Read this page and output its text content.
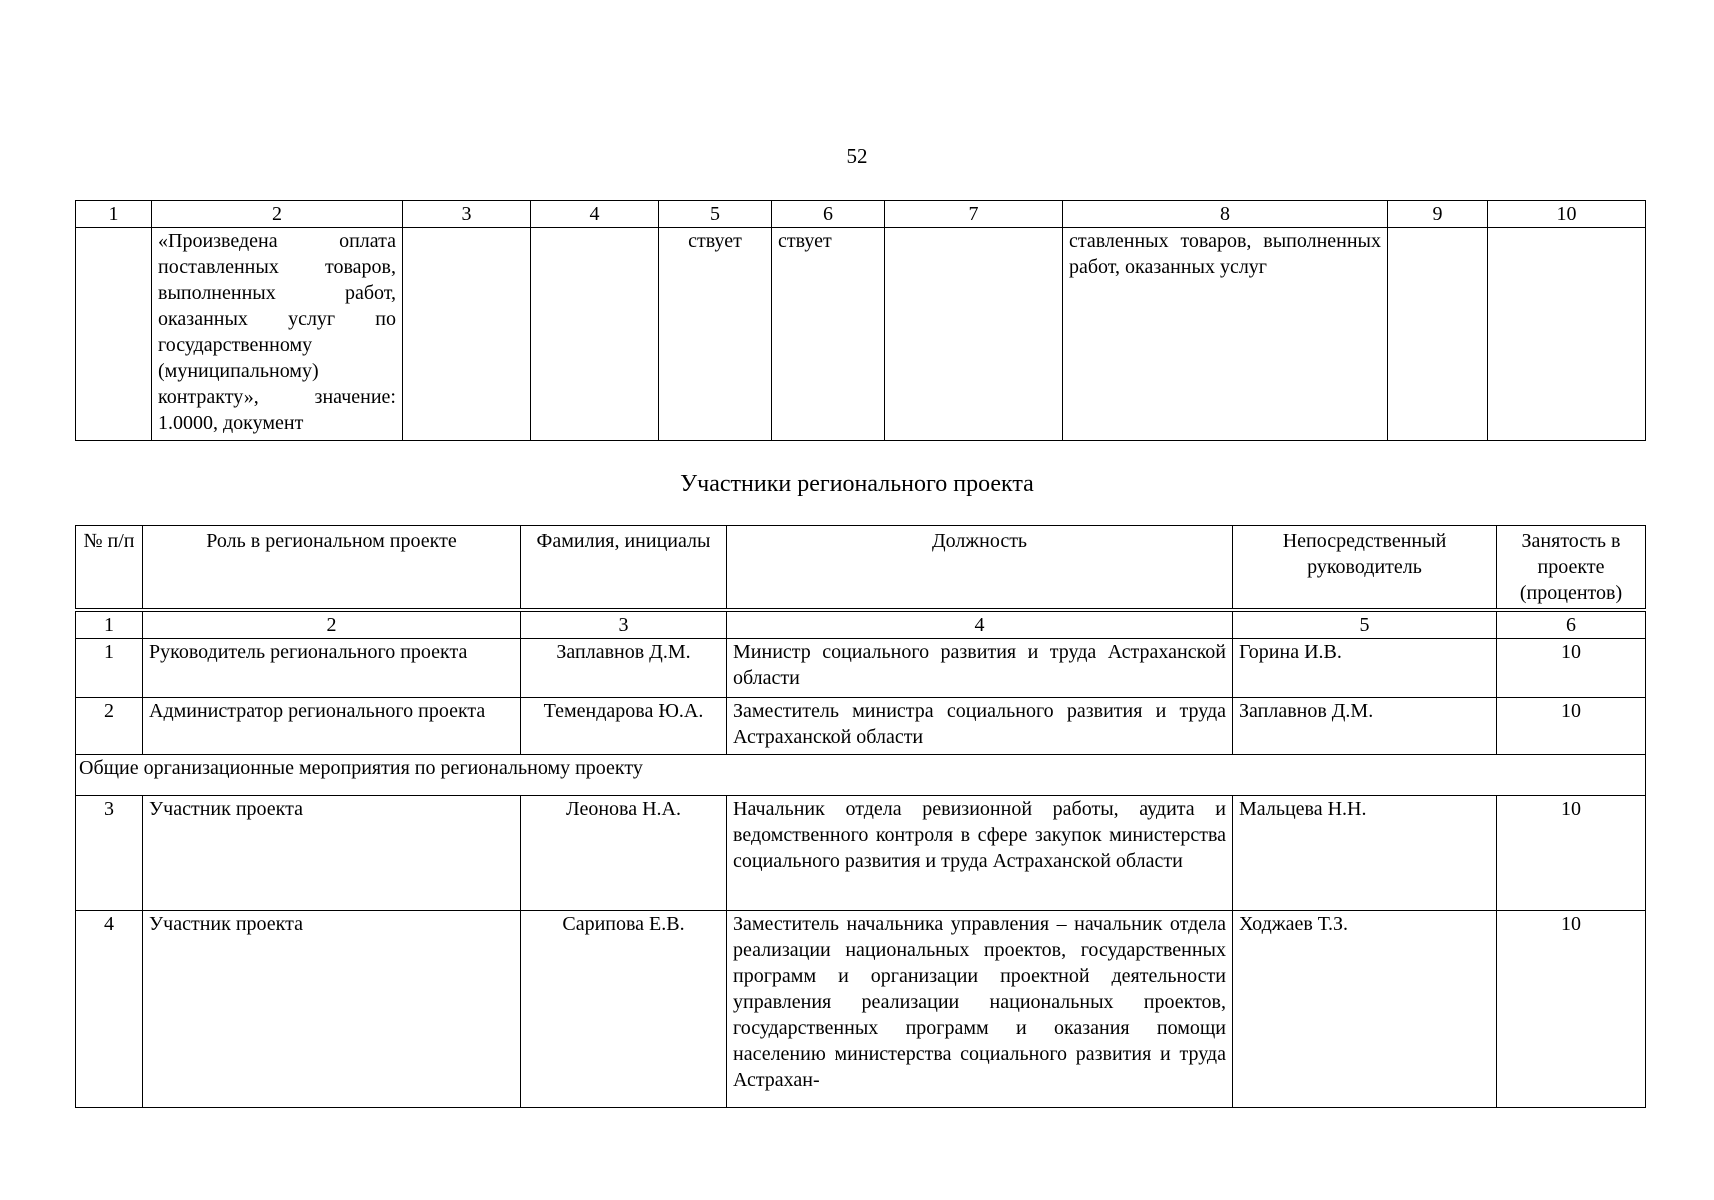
52
1	2	3	4	5	6	7	8	9	10
	«Произведена оплата поставленных товаров, выполненных работ, оказанных услуг по государственному (муниципальному) контракту», значение: 1.0000, документ			ствует	ствует		ставленных товаров, выполненных работ, оказанных услуг		
Участники регионального проекта
№ п/п	Роль в региональном проекте	Фамилия, инициалы	Должность	Непосредственный руководитель	Занятость в проекте (процентов)
1	2	3	4	5	6
1	Руководитель регионального проекта	Заплавнов Д.М.	Министр социального развития и труда Астраханской области	Горина И.В.	10
2	Администратор регионального проекта	Темендарова Ю.А.	Заместитель министра социального развития и труда Астраханской области	Заплавнов Д.М.	10
Общие организационные мероприятия по региональному проекту					
3	Участник проекта	Леонова Н.А.	Начальник отдела ревизионной работы, аудита и ведомственного контроля в сфере закупок министерства социального развития и труда Астраханской области	Мальцева Н.Н.	10
4	Участник проекта	Сарипова Е.В.	Заместитель начальника управления – начальник отдела реализации национальных проектов, государственных программ и организации проектной деятельности управления реализации национальных проектов, государственных программ и оказания помощи населению министерства социального развития и труда Астрахан-	Ходжаев Т.З.	10
